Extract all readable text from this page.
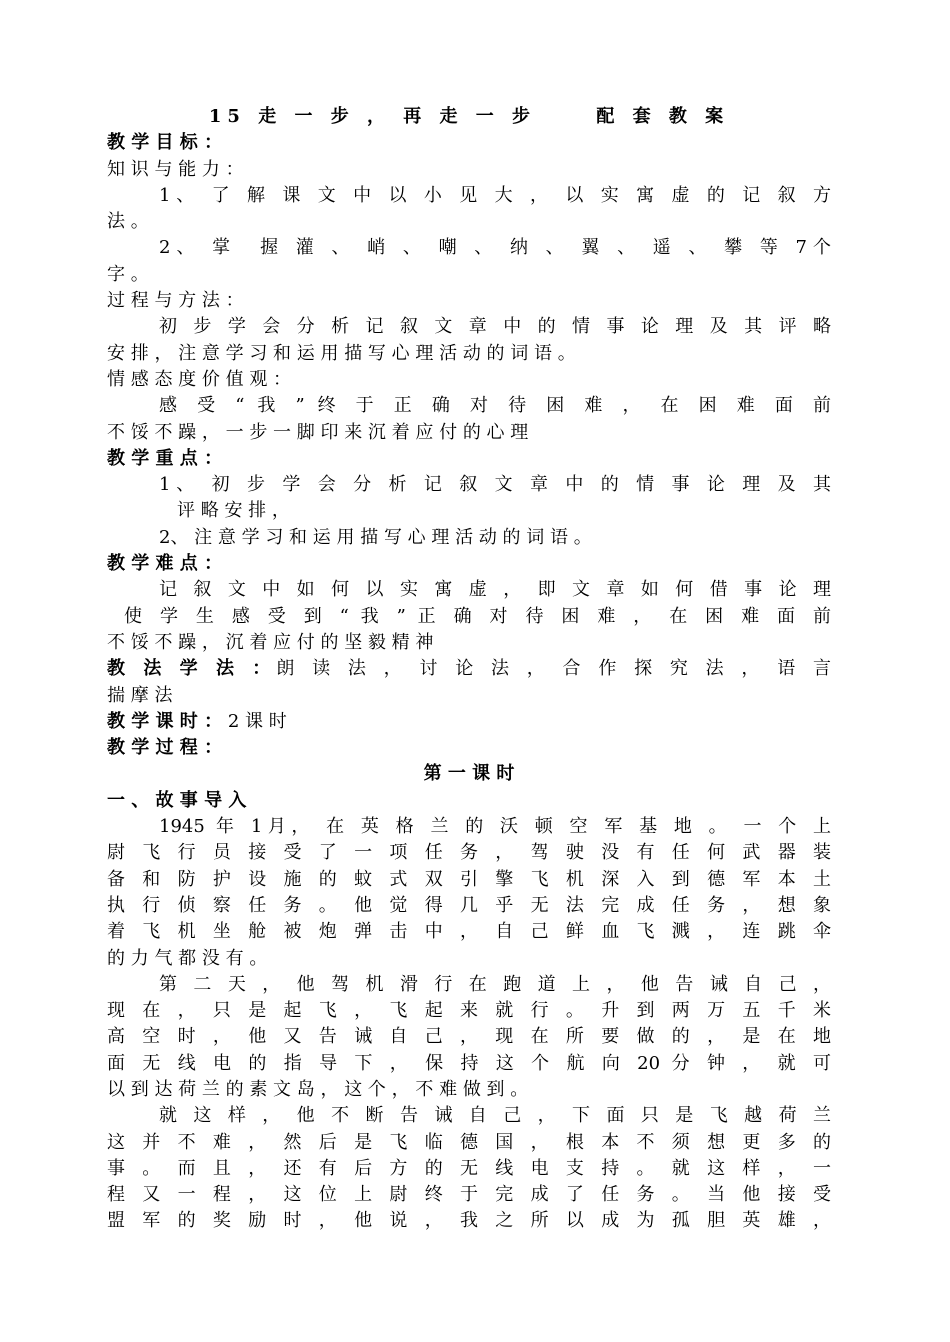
15 走 一 步 ， 再 走 一 步　　 配 套 教 案
教 学 目 标 ：
知 识 与 能 力 ：
1、 了 解 课 文 中 以 小 见 大 ， 以 实 寓 虚 的 记 叙 方
法 。
2、 掌　握 灌 、 峭 、 嘲 、 纳 、 翼 、 遥 、 攀 等 7个
字 。
过 程 与 方 法 ：
初 步 学 会 分 析 记 叙 文 章 中 的 情 事 论 理 及 其 评 略
安 排 ， 注 意 学 习 和 运 用 描 写 心 理 活 动 的 词 语 。
情 感 态 度 价 值 观 ：
感 受 “ 我 ” 终 于 正 确 对 待 困 难 ， 在 困 难 面 前
不 馁 不 躁 ， 一 步 一 脚 印 来 沉 着 应 付 的 心 理
教 学 重 点 ：
1、 初 步 学 会 分 析 记 叙 文 章 中 的 情 事 论 理 及 其
评 略 安 排 ，
2、 注 意 学 习 和 运 用 描 写 心 理 活 动 的 词 语 。
教 学 难 点 ：
记 叙 文 中 如 何 以 实 寓 虚 ， 即 文 章 如 何 借 事 论 理
使 学 生 感 受 到 “ 我 ” 正 确 对 待 困 难 ， 在 困 难 面 前
不 馁 不 躁 ， 沉 着 应 付 的 坚 毅 精 神
教 法 学 法 ：朗 读 法 ， 讨 论 法 ， 合 作 探 究 法 ， 语 言
揣 摩 法
教 学 课 时 ： 2 课 时
教 学 过 程 ：
第 一 课 时
一 、 故 事 导 入
1945 年 1月， 在 英 格 兰 的 沃 顿 空 军 基 地 。 一 个 上
尉 飞 行 员 接 受 了 一 项 任 务 ， 驾 驶 没 有 任 何 武 器 装
备 和 防 护 设 施 的 蚊 式 双 引 擎 飞 机 深 入 到 德 军 本 土
执 行 侦 察 任 务 。 他 觉 得 几 乎 无 法 完 成 任 务 ， 想 象
着 飞 机 坐 舱 被 炮 弹 击 中 ， 自 己 鲜 血 飞 溅 ， 连 跳 伞
的 力 气 都 没 有 。
第 二 天 ， 他 驾 机 滑 行 在 跑 道 上 ， 他 告 诫 自 己 ，
现 在 ， 只 是 起 飞 ， 飞 起 来 就 行 。 升 到 两 万 五 千 米
高 空 时 ， 他 又 告 诫 自 己 ， 现 在 所 要 做 的 ， 是 在 地
面 无 线 电 的 指 导 下 ， 保 持 这 个 航 向 20 分 钟 ， 就 可
以 到 达 荷 兰 的 素 文 岛 ， 这 个 ， 不 难 做 到 。
就 这 样 ， 他 不 断 告 诫 自 己 ， 下 面 只 是 飞 越 荷 兰
这 并 不 难 ， 然 后 是 飞 临 德 国 ， 根 本 不 须 想 更 多 的
事 。 而 且 ， 还 有 后 方 的 无 线 电 支 持 。 就 这 样 ， 一
程 又 一 程 ， 这 位 上 尉 终 于 完 成 了 任 务 。 当 他 接 受
盟 军 的 奖 励 时 ， 他 说 ， 我 之 所 以 成 为 孤 胆 英 雄 ，
